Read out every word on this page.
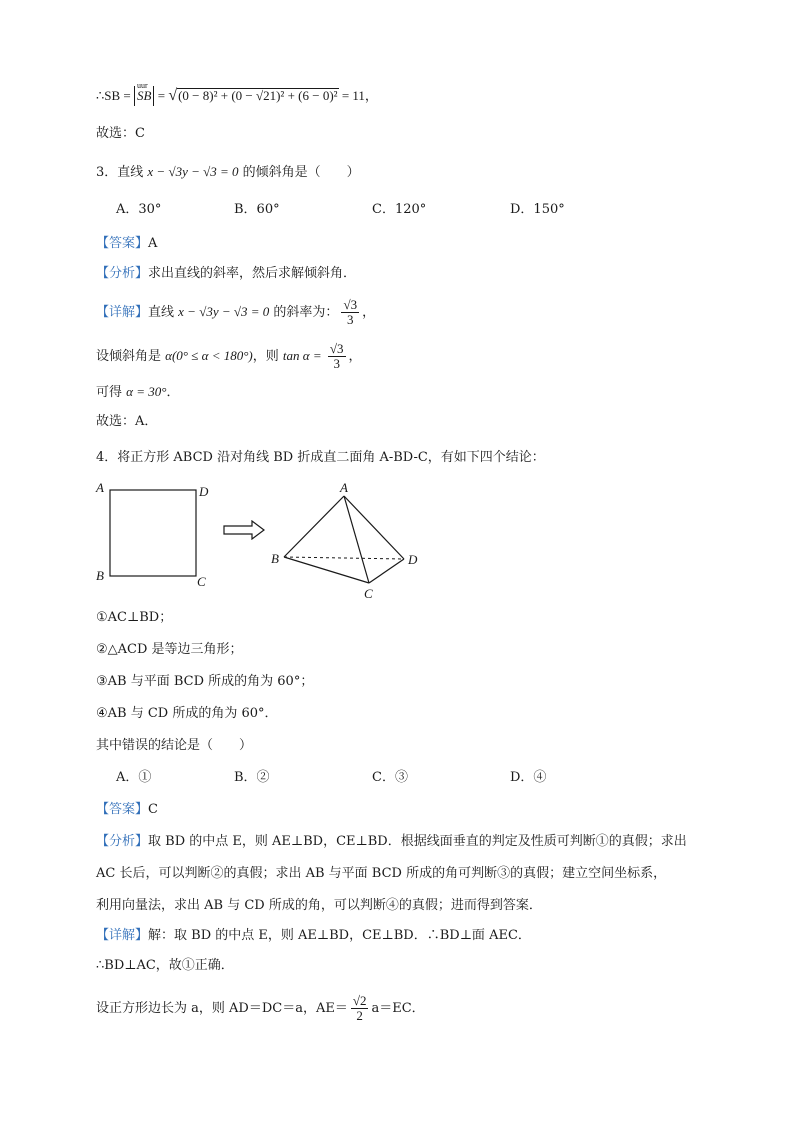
∴SB =
uur
SB = √(0 − 8)² + (0 − √21)² + (6 − 0)² = 11，
故选：C
3．直线 x − √3y − √3 = 0 的倾斜角是（　　）
A．30°	B．60°	C．120°	D．150°
【答案】A
【分析】求出直线的斜率，然后求解倾斜角．
【详解】直线 x − √3y − √3 = 0 的斜率为： $\frac{√3}{3}$ ，
设倾斜角是 α(0° ≤ α < 180°)，则 $\tan \alpha = \frac{√3}{3}$ ，
可得 α = 30°．
故选：A．
4．将正方形 ABCD 沿对角线 BD 折成直二面角 A-BD-C，有如下四个结论：
A	D
B	C
A
B
C
D
①AC⊥BD；
②△ACD 是等边三角形；
③AB 与平面 BCD 所成的角为 60°；
④AB 与 CD 所成的角为 60°．
其中错误的结论是（　　）
A．①	B．②	C．③	D．④
【答案】C
【分析】取 BD 的中点 E，则 AE⊥BD，CE⊥BD．根据线面垂直的判定及性质可判断①的真假；求出
AC 长后，可以判断②的真假；求出 AB 与平面 BCD 所成的角可判断③的真假；建立空间坐标系，
利用向量法，求出 AB 与 CD 所成的角，可以判断④的真假；进而得到答案．
【详解】解：取 BD 的中点 E，则 AE⊥BD，CE⊥BD．∴BD⊥面 AEC．
∴BD⊥AC，故①正确．
设正方形边长为 a，则 AD＝DC＝a，$AE= \frac{√2}{2} a=EC$．
